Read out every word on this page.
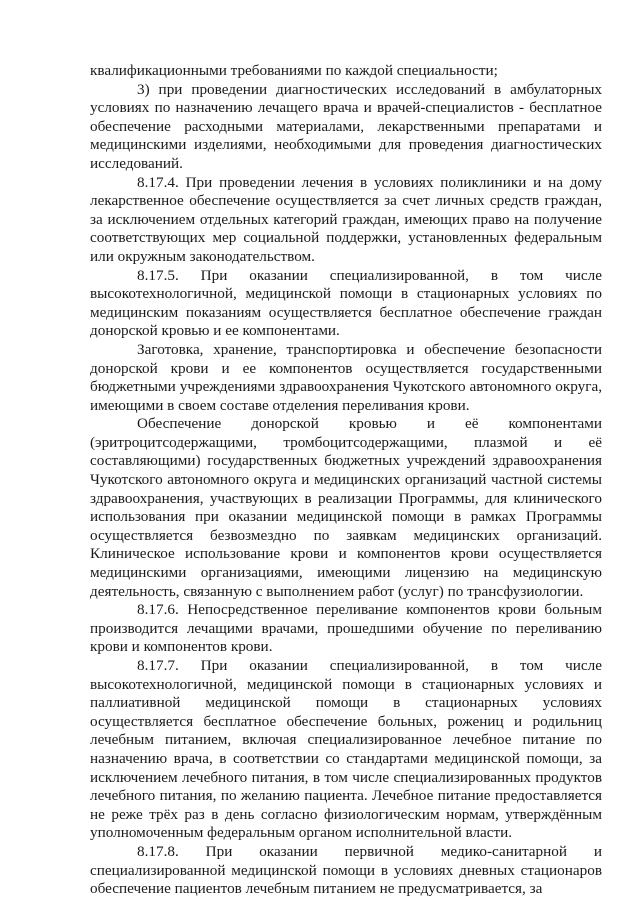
квалификационными требованиями по каждой специальности;

3) при проведении диагностических исследований в амбулаторных условиях по назначению лечащего врача и врачей-специалистов - бесплатное обеспечение расходными материалами, лекарственными препаратами и медицинскими изделиями, необходимыми для проведения диагностических исследований.

8.17.4. При проведении лечения в условиях поликлиники и на дому лекарственное обеспечение осуществляется за счет личных средств граждан, за исключением отдельных категорий граждан, имеющих право на получение соответствующих мер социальной поддержки, установленных федеральным или окружным законодательством.

8.17.5. При оказании специализированной, в том числе высокотехнологичной, медицинской помощи в стационарных условиях по медицинским показаниям осуществляется бесплатное обеспечение граждан донорской кровью и ее компонентами.

Заготовка, хранение, транспортировка и обеспечение безопасности донорской крови и ее компонентов осуществляется государственными бюджетными учреждениями здравоохранения Чукотского автономного округа, имеющими в своем составе отделения переливания крови.

Обеспечение донорской кровью и её компонентами (эритроцитсодержащими, тромбоцитсодержащими, плазмой и её составляющими) государственных бюджетных учреждений здравоохранения Чукотского автономного округа и медицинских организаций частной системы здравоохранения, участвующих в реализации Программы, для клинического использования при оказании медицинской помощи в рамках Программы осуществляется безвозмездно по заявкам медицинских организаций. Клиническое использование крови и компонентов крови осуществляется медицинскими организациями, имеющими лицензию на медицинскую деятельность, связанную с выполнением работ (услуг) по трансфузиологии.

8.17.6. Непосредственное переливание компонентов крови больным производится лечащими врачами, прошедшими обучение по переливанию крови и компонентов крови.

8.17.7. При оказании специализированной, в том числе высокотехнологичной, медицинской помощи в стационарных условиях и паллиативной медицинской помощи в стационарных условиях осуществляется бесплатное обеспечение больных, рожениц и родильниц лечебным питанием, включая специализированное лечебное питание по назначению врача, в соответствии со стандартами медицинской помощи, за исключением лечебного питания, в том числе специализированных продуктов лечебного питания, по желанию пациента. Лечебное питание предоставляется не реже трёх раз в день согласно физиологическим нормам, утверждённым уполномоченным федеральным органом исполнительной власти.

8.17.8. При оказании первичной медико-санитарной и специализированной медицинской помощи в условиях дневных стационаров обеспечение пациентов лечебным питанием не предусматривается, за
